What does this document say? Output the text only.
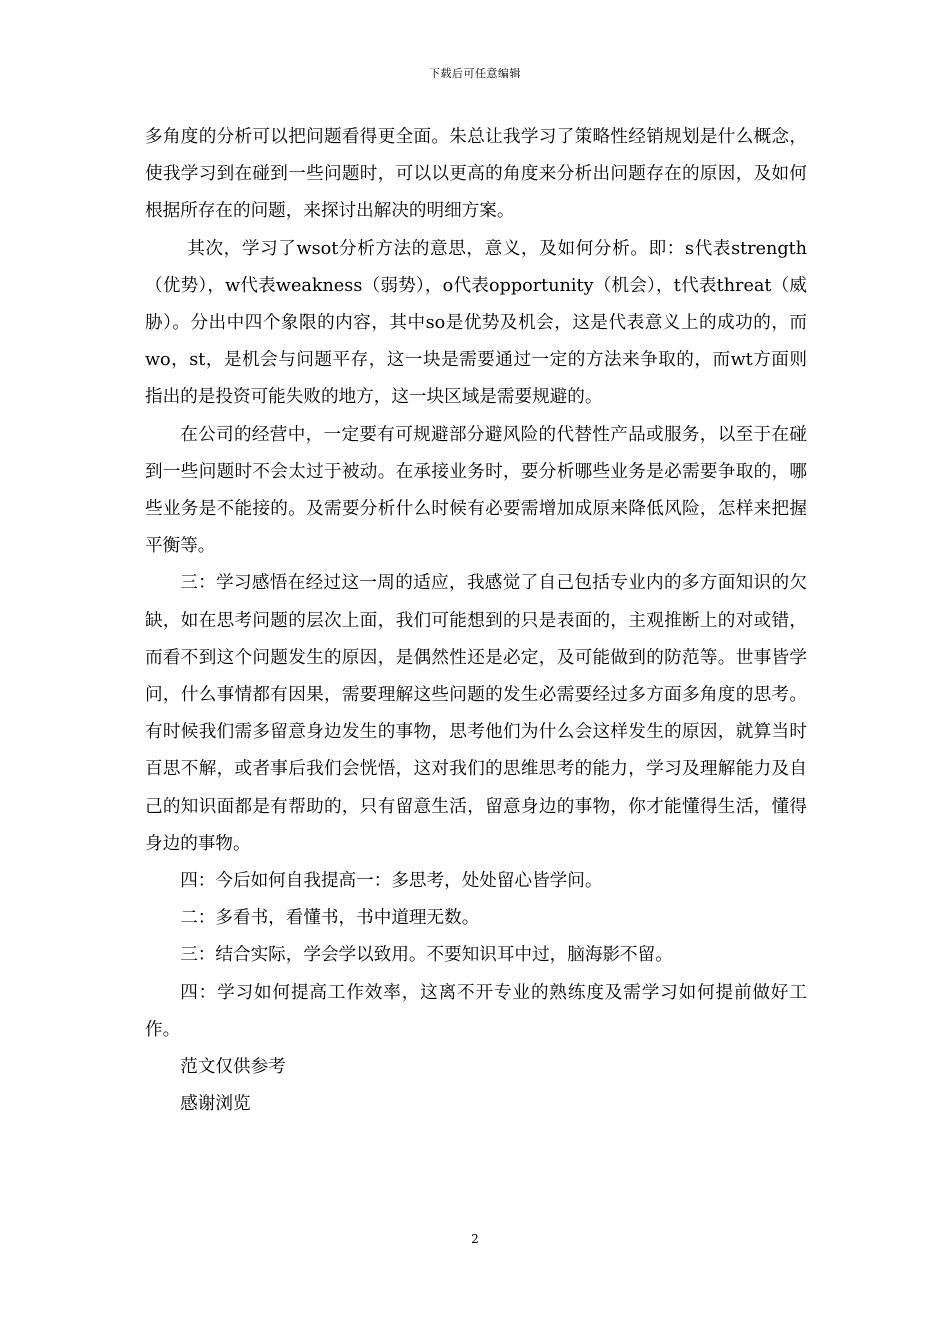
下载后可任意编辑

多角度的分析可以把问题看得更全面。朱总让我学习了策略性经销规划是什么概念，使我学习到在碰到一些问题时，可以以更高的角度来分析出问题存在的原因，及如何根据所存在的问题，来探讨出解决的明细方案。

其次，学习了wsot分析方法的意思，意义，及如何分析。即：s代表strength（优势），w代表weakness（弱势），o代表opportunity（机会），t代表threat（威胁）。分出中四个象限的内容，其中so是优势及机会，这是代表意义上的成功的，而wo，st，是机会与问题平存，这一块是需要通过一定的方法来争取的，而wt方面则指出的是投资可能失败的地方，这一块区域是需要规避的。

在公司的经营中，一定要有可规避部分避风险的代替性产品或服务，以至于在碰到一些问题时不会太过于被动。在承接业务时，要分析哪些业务是必需要争取的，哪些业务是不能接的。及需要分析什么时候有必要需增加成原来降低风险，怎样来把握平衡等。

三：学习感悟在经过这一周的适应，我感觉了自己包括专业内的多方面知识的欠缺，如在思考问题的层次上面，我们可能想到的只是表面的，主观推断上的对或错，而看不到这个问题发生的原因，是偶然性还是必定，及可能做到的防范等。世事皆学问，什么事情都有因果，需要理解这些问题的发生必需要经过多方面多角度的思考。有时候我们需多留意身边发生的事物，思考他们为什么会这样发生的原因，就算当时百思不解，或者事后我们会恍悟，这对我们的思维思考的能力，学习及理解能力及自己的知识面都是有帮助的，只有留意生活，留意身边的事物，你才能懂得生活，懂得身边的事物。

四：今后如何自我提高一：多思考，处处留心皆学问。

二：多看书，看懂书，书中道理无数。

三：结合实际，学会学以致用。不要知识耳中过，脑海影不留。

四：学习如何提高工作效率，这离不开专业的熟练度及需学习如何提前做好工作。

范文仅供参考

感谢浏览

2
